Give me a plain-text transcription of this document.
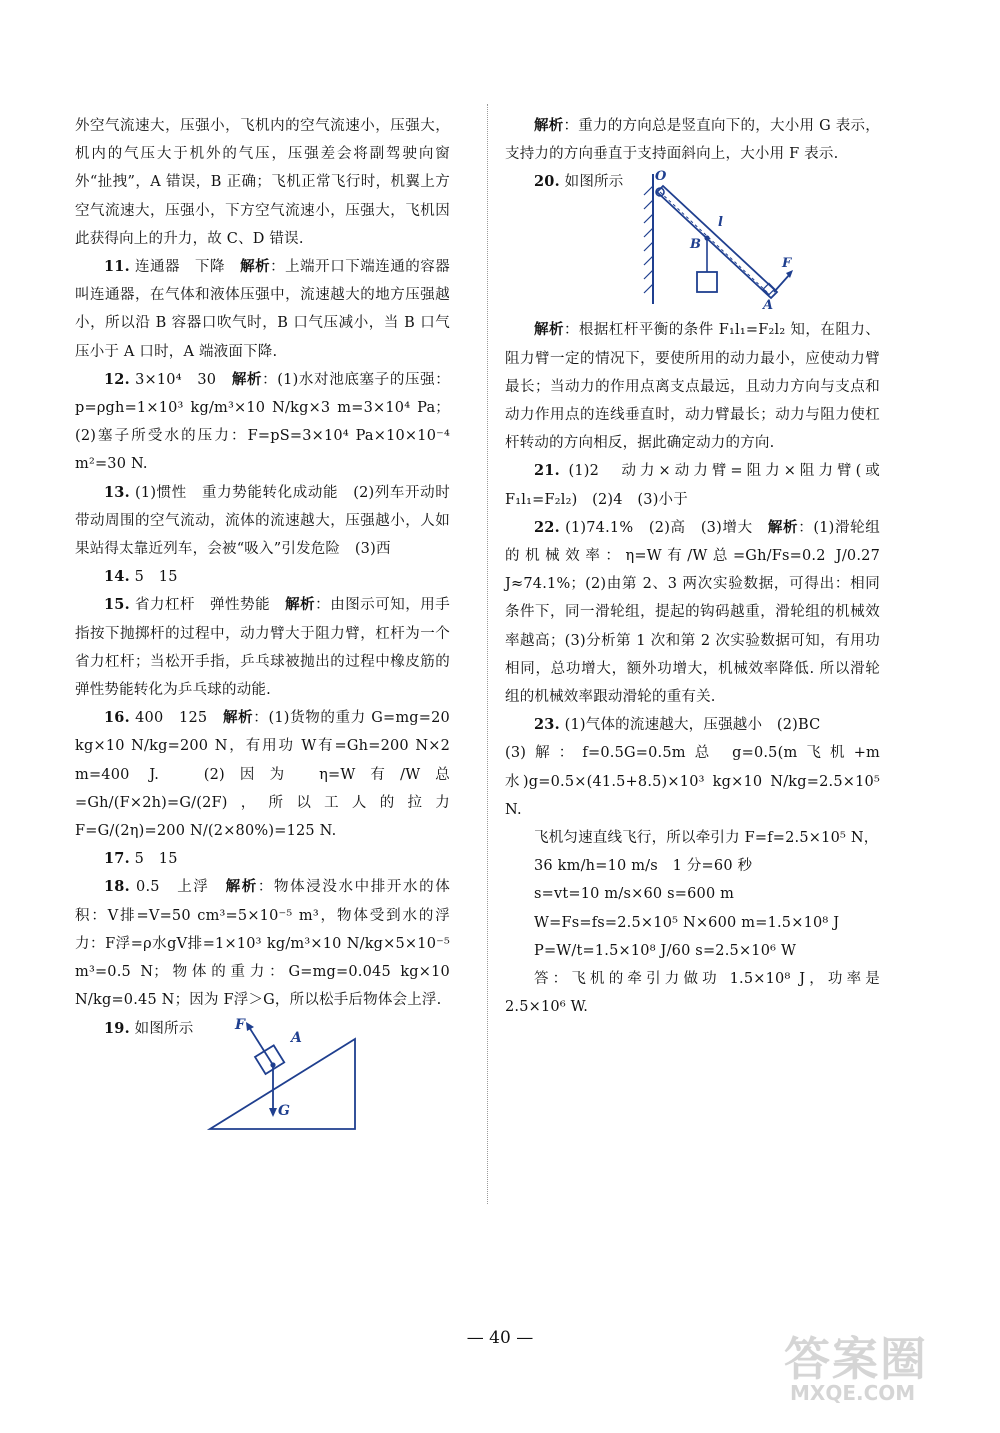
外空气流速大，压强小，飞机内的空气流速小，压强大，机内的气压大于机外的气压，压强差会将副驾驶向窗外“扯拽”，A 错误，B 正确；飞机正常飞行时，机翼上方空气流速大，压强小，下方空气流速小，压强大，飞机因此获得向上的升力，故 C、D 错误.

11. 连通器　下降　解析：上端开口下端连通的容器叫连通器，在气体和液体压强中，流速越大的地方压强越小，所以沿 B 容器口吹气时，B 口气压减小，当 B 口气压小于 A 口时，A 端液面下降.

12. 3×10⁴　30　解析：(1)水对池底塞子的压强：p=ρgh=1×10³ kg/m³×10 N/kg×3 m=3×10⁴ Pa；(2)塞子所受水的压力：F=pS=3×10⁴ Pa×10×10⁻⁴ m²=30 N.

13. (1)惯性　重力势能转化成动能　(2)列车开动时带动周围的空气流动，流体的流速越大，压强越小，人如果站得太靠近列车，会被“吸入”引发危险　(3)西

14. 5　15

15. 省力杠杆　弹性势能　解析：由图示可知，用手指按下抛掷杆的过程中，动力臂大于阻力臂，杠杆为一个省力杠杆；当松开手指，乒乓球被抛出的过程中橡皮筋的弹性势能转化为乒乓球的动能.

16. 400　125　解析：(1)货物的重力 G=mg=20 kg×10 N/kg=200 N，有用功 W有=Gh=200 N×2 m=400 J.　(2)因为 η=W有/W总=Gh/(F×2h)=G/(2F)，所以工人的拉力 F=G/(2η)=200 N/(2×80%)=125 N.

17. 5　15

18. 0.5　上浮　解析：物体浸没水中排开水的体积：V排=V=50 cm³=5×10⁻⁵ m³，物体受到水的浮力：F浮=ρ水gV排=1×10³ kg/m³×10 N/kg×5×10⁻⁵ m³=0.5 N；物体的重力：G=mg=0.045 kg×10 N/kg=0.45 N；因为 F浮＞G，所以松手后物体会上浮.

19. 如图所示	F
A
G

解析：重力的方向总是竖直向下的，大小用 G 表示，支持力的方向垂直于支持面斜向上，大小用 F 表示.

20. 如图所示 O
l
B
F
A

解析：根据杠杆平衡的条件 F₁l₁=F₂l₂ 知，在阻力、阻力臂一定的情况下，要使所用的动力最小，应使动力臂最长；当动力的作用点离支点最远，且动力方向与支点和动力作用点的连线垂直时，动力臂最长；动力与阻力使杠杆转动的方向相反，据此确定动力的方向.

21. (1)2　动力×动力臂=阻力×阻力臂(或 F₁l₁=F₂l₂)　(2)4　(3)小于

22. (1)74.1%　(2)高　(3)增大　解析：(1)滑轮组的机械效率：η=W有/W总=Gh/Fs=0.2 J/0.27 J≈74.1%；(2)由第 2、3 两次实验数据，可得出：相同条件下，同一滑轮组，提起的钩码越重，滑轮组的机械效率越高；(3)分析第 1 次和第 2 次实验数据可知，有用功相同，总功增大，额外功增大，机械效率降低. 所以滑轮组的机械效率跟动滑轮的重有关.

23. (1)气体的流速越大，压强越小　(2)BC

(3)解：f=0.5G=0.5m总 g=0.5(m飞机+m水)g=0.5×(41.5+8.5)×10³ kg×10 N/kg=2.5×10⁵ N.

飞机匀速直线飞行，所以牵引力 F=f=2.5×10⁵ N，

36 km/h=10 m/s　1 分=60 秒

s=vt=10 m/s×60 s=600 m

W=Fs=fs=2.5×10⁵ N×600 m=1.5×10⁸ J

P=W/t=1.5×10⁸ J/60 s=2.5×10⁶ W

答：飞机的牵引力做功 1.5×10⁸ J，功率是 2.5×10⁶ W.

— 40 —	答案圈
MXQE.COM
